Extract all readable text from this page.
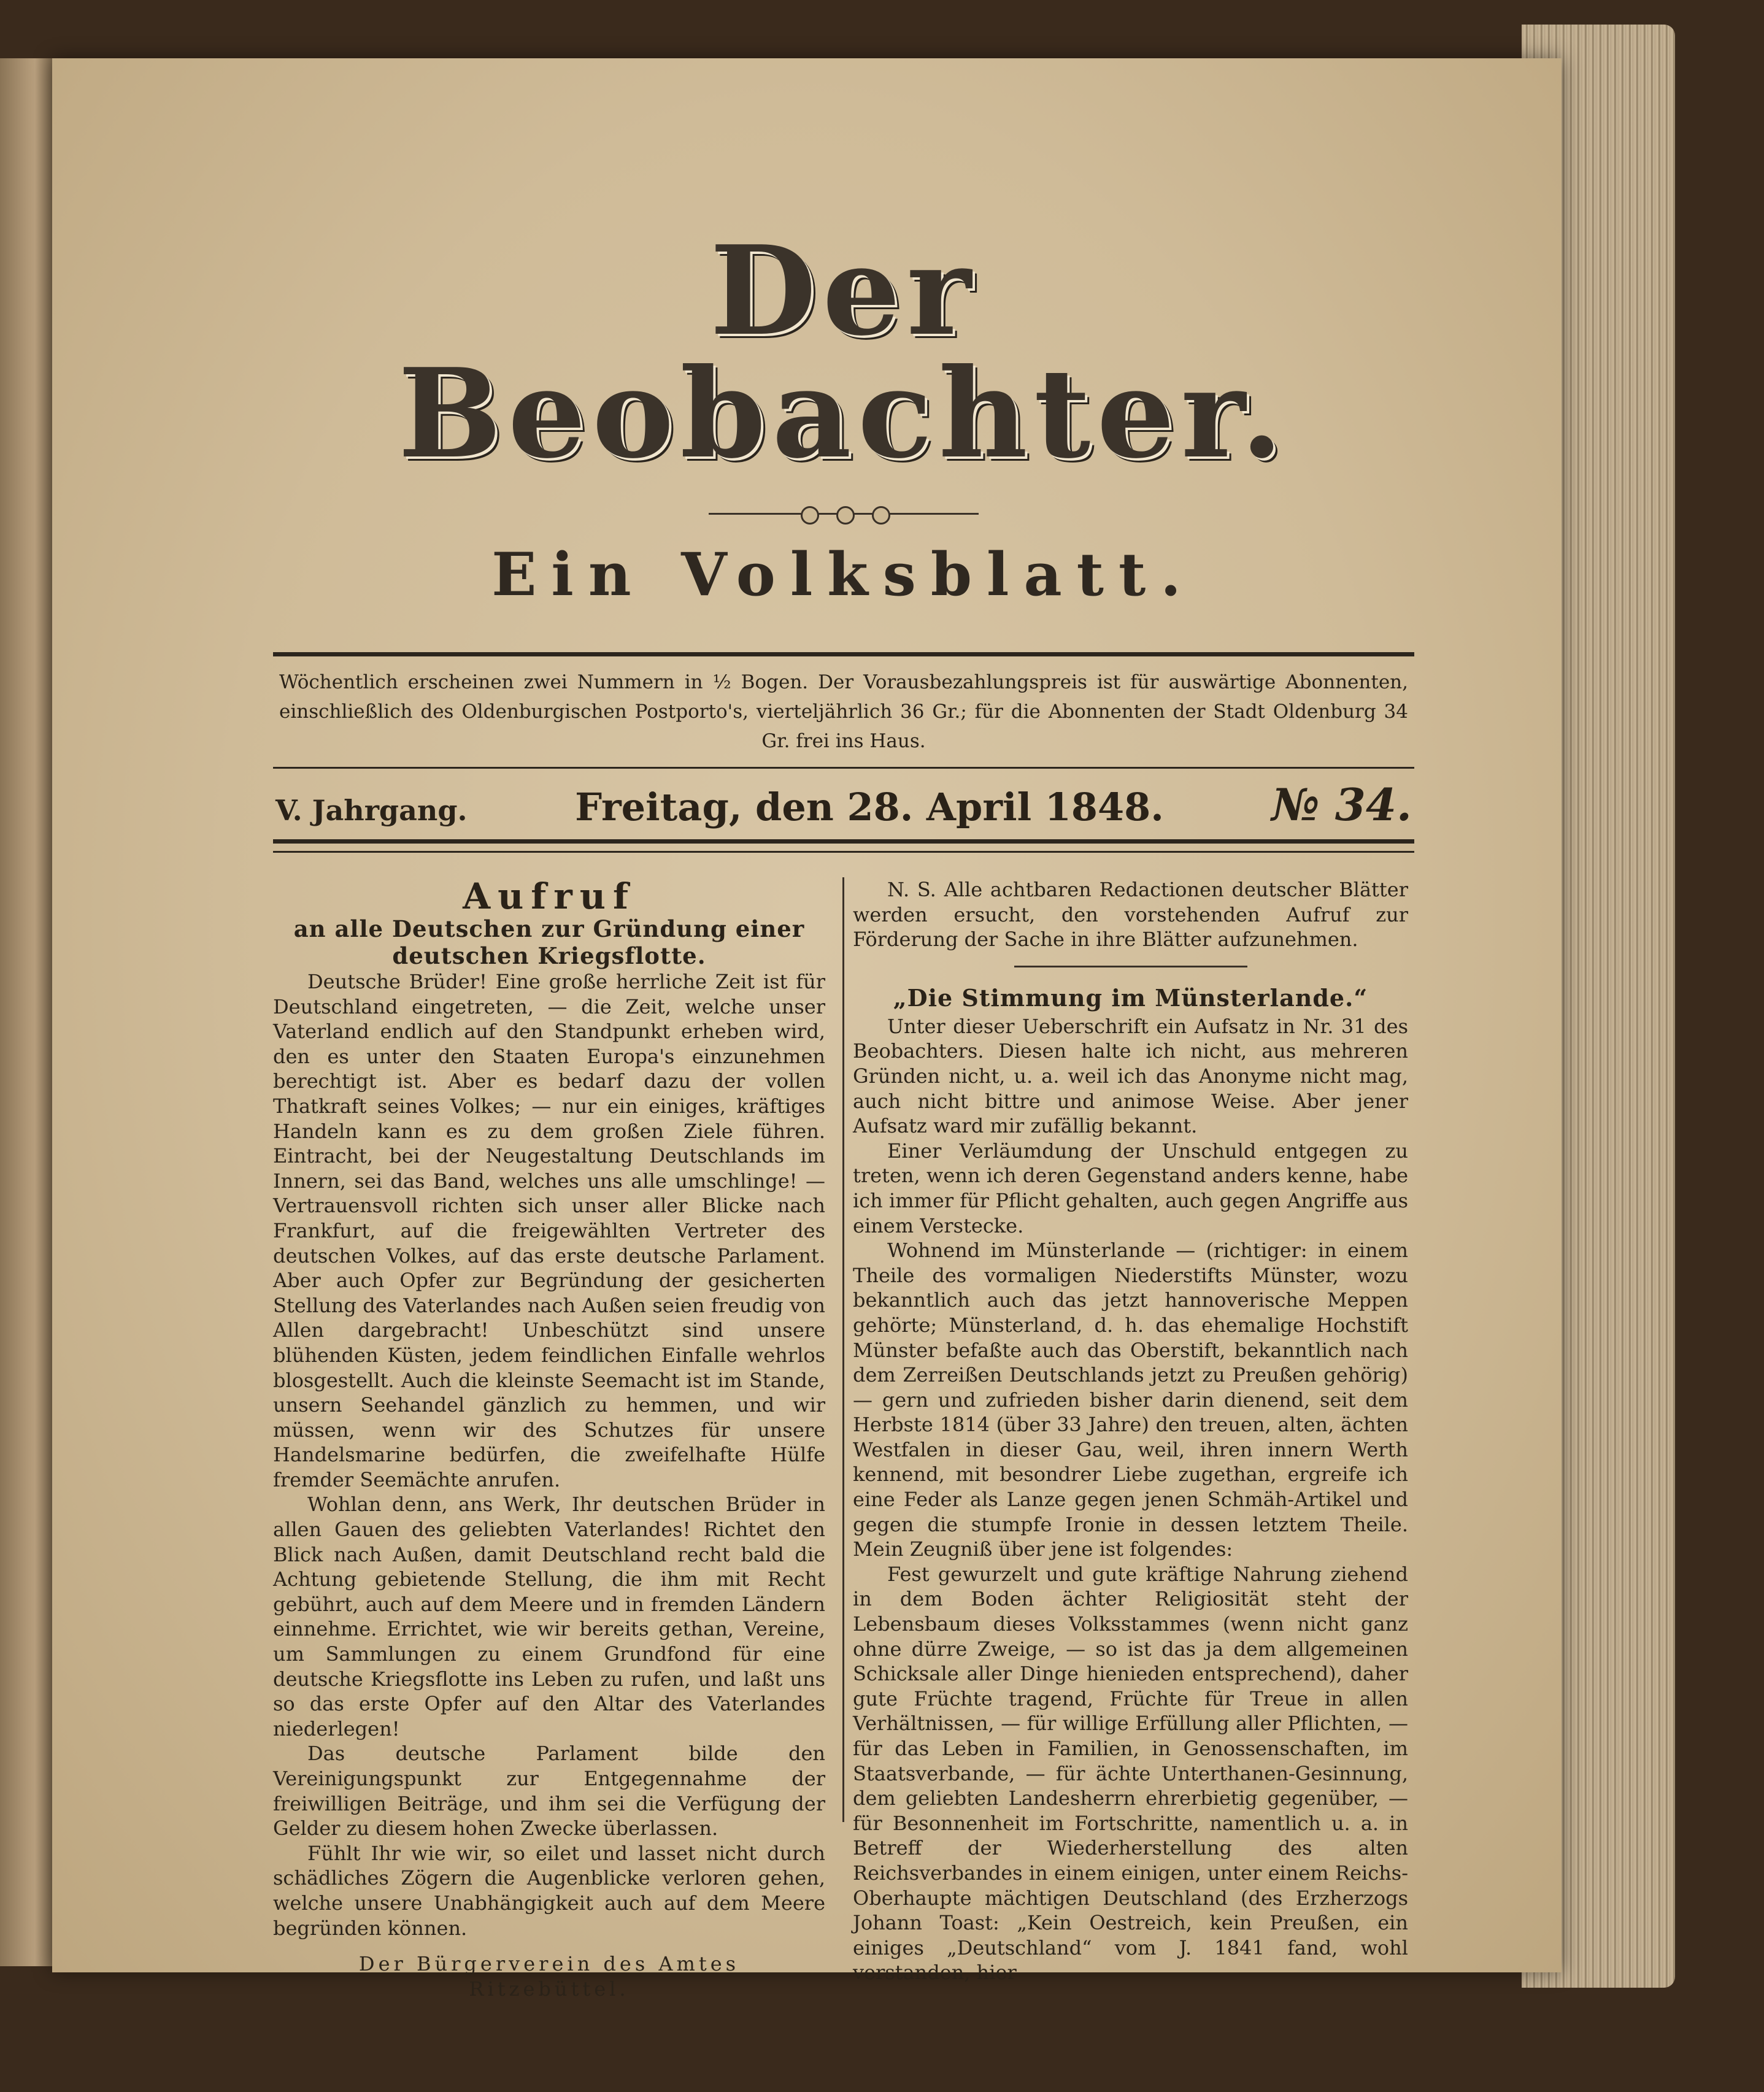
Der Beobachter.
Ein Volksblatt.
Wöchentlich erscheinen zwei Nummern in ½ Bogen. Der Vorausbezahlungspreis ist für auswärtige Abonnenten, einschließlich des Oldenburgischen Postporto's, vierteljährlich 36 Gr.; für die Abonnenten der Stadt Oldenburg 34 Gr. frei ins Haus.
V. Jahrgang.	Freitag, den 28. April 1848. № 34.
Aufruf
an alle Deutschen zur Gründung einer deutschen Kriegsflotte.

Deutsche Brüder! Eine große herrliche Zeit ist für Deutschland eingetreten, — die Zeit, welche unser Vaterland endlich auf den Standpunkt erheben wird, den es unter den Staaten Europa's einzunehmen berechtigt ist. Aber es bedarf dazu der vollen Thatkraft seines Volkes; — nur ein einiges, kräftiges Handeln kann es zu dem großen Ziele führen. Eintracht, bei der Neugestaltung Deutschlands im Innern, sei das Band, welches uns alle umschlinge! — Vertrauensvoll richten sich unser aller Blicke nach Frankfurt, auf die freigewählten Vertreter des deutschen Volkes, auf das erste deutsche Parlament. Aber auch Opfer zur Begründung der gesicherten Stellung des Vaterlandes nach Außen seien freudig von Allen dargebracht! Unbeschützt sind unsere blühenden Küsten, jedem feindlichen Einfalle wehrlos blosgestellt. Auch die kleinste Seemacht ist im Stande, unsern Seehandel gänzlich zu hemmen, und wir müssen, wenn wir des Schutzes für unsere Handelsmarine bedürfen, die zweifelhafte Hülfe fremder Seemächte anrufen.

Wohlan denn, ans Werk, Ihr deutschen Brüder in allen Gauen des geliebten Vaterlandes! Richtet den Blick nach Außen, damit Deutschland recht bald die Achtung gebietende Stellung, die ihm mit Recht gebührt, auch auf dem Meere und in fremden Ländern einnehme. Errichtet, wie wir bereits gethan, Vereine, um Sammlungen zu einem Grundfond für eine deutsche Kriegsflotte ins Leben zu rufen, und laßt uns so das erste Opfer auf den Altar des Vaterlandes niederlegen!

Das deutsche Parlament bilde den Vereinigungspunkt zur Entgegennahme der freiwilligen Beiträge, und ihm sei die Verfügung der Gelder zu diesem hohen Zwecke überlassen.

Fühlt Ihr wie wir, so eilet und lasset nicht durch schädliches Zögern die Augenblicke verloren gehen, welche unsere Unabhängigkeit auch auf dem Meere begründen können.

Der Bürgerverein des Amtes
Ritzebüttel.

N. S. Alle achtbaren Redactionen deutscher Blätter werden ersucht, den vorstehenden Aufruf zur Förderung der Sache in ihre Blätter aufzunehmen.

„Die Stimmung im Münsterlande.“

Unter dieser Ueberschrift ein Aufsatz in Nr. 31 des Beobachters. Diesen halte ich nicht, aus mehreren Gründen nicht, u. a. weil ich das Anonyme nicht mag, auch nicht bittre und animose Weise. Aber jener Aufsatz ward mir zufällig bekannt.

Einer Verläumdung der Unschuld entgegen zu treten, wenn ich deren Gegenstand anders kenne, habe ich immer für Pflicht gehalten, auch gegen Angriffe aus einem Verstecke.

Wohnend im Münsterlande — (richtiger: in einem Theile des vormaligen Niederstifts Münster, wozu bekanntlich auch das jetzt hannoverische Meppen gehörte; Münsterland, d. h. das ehemalige Hochstift Münster befaßte auch das Oberstift, bekanntlich nach dem Zerreißen Deutschlands jetzt zu Preußen gehörig) — gern und zufrieden bisher darin dienend, seit dem Herbste 1814 (über 33 Jahre) den treuen, alten, ächten Westfalen in dieser Gau, weil, ihren innern Werth kennend, mit besondrer Liebe zugethan, ergreife ich eine Feder als Lanze gegen jenen Schmäh-Artikel und gegen die stumpfe Ironie in dessen letztem Theile. Mein Zeugniß über jene ist folgendes:

Fest gewurzelt und gute kräftige Nahrung ziehend in dem Boden ächter Religiosität steht der Lebensbaum dieses Volksstammes (wenn nicht ganz ohne dürre Zweige, — so ist das ja dem allgemeinen Schicksale aller Dinge hienieden entsprechend), daher gute Früchte tragend, Früchte für Treue in allen Verhältnissen, — für willige Erfüllung aller Pflichten, — für das Leben in Familien, in Genossenschaften, im Staatsverbande, — für ächte Unterthanen-Gesinnung, dem geliebten Landesherrn ehrerbietig gegenüber, — für Besonnenheit im Fortschritte, namentlich u. a. in Betreff der Wiederherstellung des alten Reichsverbandes in einem einigen, unter einem Reichs-Oberhaupte mächtigen Deutschland (des Erzherzogs Johann Toast: „Kein Oestreich, kein Preußen, ein einiges „Deutschland“ vom J. 1841 fand, wohl verstanden, hier
